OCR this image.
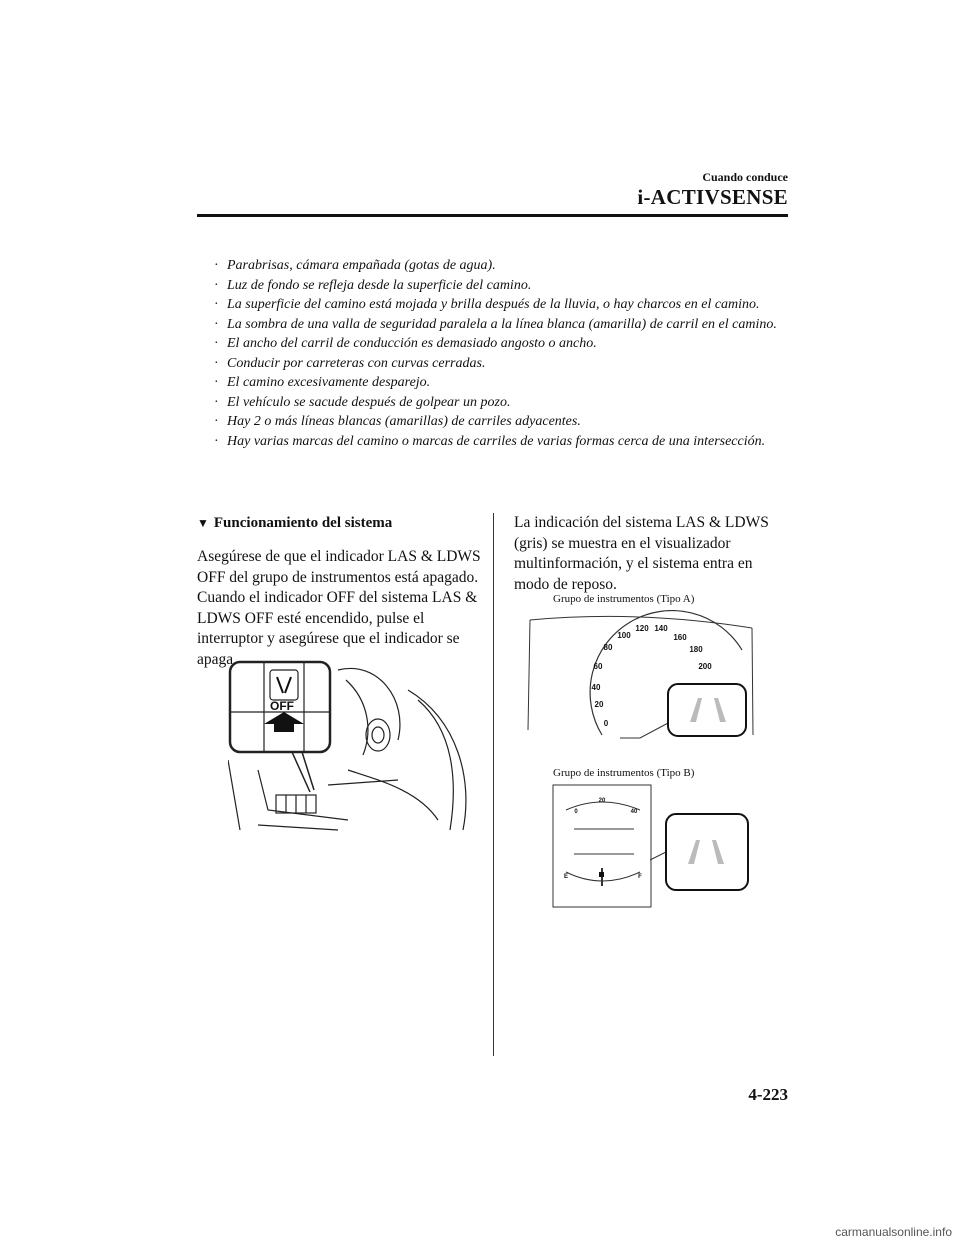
Cuando conduce
i-ACTIVSENSE
· Parabrisas, cámara empañada (gotas de agua).
· Luz de fondo se refleja desde la superficie del camino.
· La superficie del camino está mojada y brilla después de la lluvia, o hay charcos en el camino.
· La sombra de una valla de seguridad paralela a la línea blanca (amarilla) de carril en el camino.
· El ancho del carril de conducción es demasiado angosto o ancho.
· Conducir por carreteras con curvas cerradas.
· El camino excesivamente desparejo.
· El vehículo se sacude después de golpear un pozo.
· Hay 2 o más líneas blancas (amarillas) de carriles adyacentes.
· Hay varias marcas del camino o marcas de carriles de varias formas cerca de una intersección.
▼ Funcionamiento del sistema
Asegúrese de que el indicador LAS & LDWS OFF del grupo de instrumentos está apagado. Cuando el indicador OFF del sistema LAS & LDWS OFF esté encendido, pulse el interruptor y asegúrese que el indicador se apaga.
La indicación del sistema LAS & LDWS (gris) se muestra en el visualizador multinformación, y el sistema entra en modo de reposo.
OFF
Grupo de instrumentos (Tipo A)
0
20
40
60
80
100
120 140
160
180
200
Grupo de instrumentos (Tipo B)
0
20
40
E	F
4-223
carmanualsonline.info
